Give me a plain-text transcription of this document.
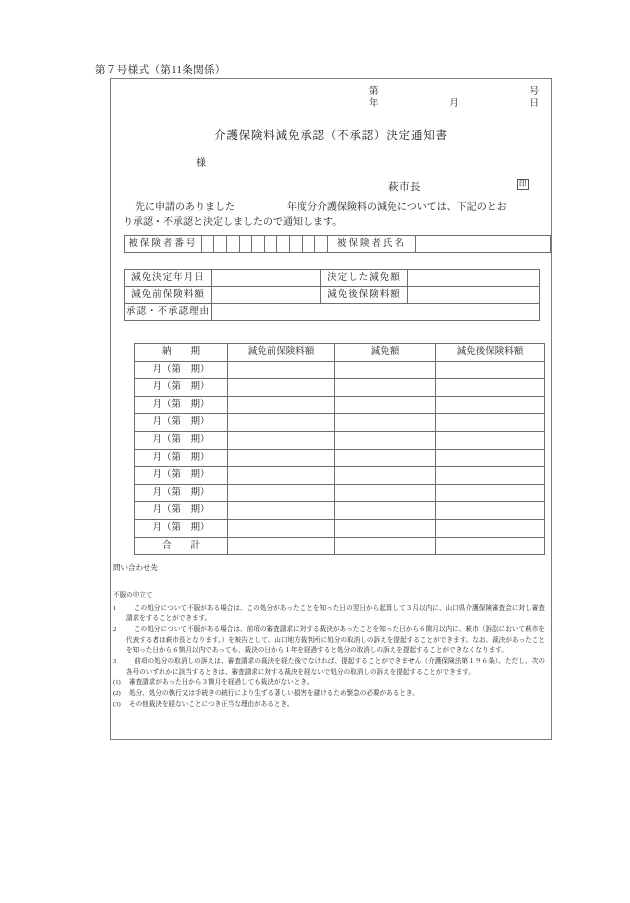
第７号様式（第11条関係）
第	号
年	月	日
介護保険料減免承認（不承認）決定通知書
様
萩市長	印
先に申請のありました	年度分介護保険料の減免については、下記のとお
り承認・不承認と決定しましたので通知します。
被保険者番号											被保険者氏名	
減免決定年月日		決定した減免額	
減免前保険料額		減免後保険料額	
承認・不承認理由			
納　　期	減免前保険料額	減免額	減免後保険料額
月（第　期）			
月（第　期）			
月（第　期）			
月（第　期）			
月（第　期）			
月（第　期）			
月（第　期）			
月（第　期）			
月（第　期）			
月（第　期）			
合　　計			
問い合わせ先
不服の申立て
1	この処分について不服がある場合は、この処分があったことを知った日の翌日から起算して３月以内に、山口県介護保険審査会に対し審査請求をすることができます。
2	この処分について不服がある場合は、前項の審査請求に対する裁決があったことを知った日から６箇月以内に、萩市（訴訟において萩市を代表する者は萩市長となります。）を被告として、山口地方裁判所に処分の取消しの訴えを提起することができます。なお、裁決があったことを知った日から６箇月以内であっても、裁決の日から１年を経過すると処分の取消しの訴えを提起することができなくなります。
3	前項の処分の取消しの訴えは、審査請求の裁決を経た後でなければ、提起することができません（介護保険法第１９６条）。ただし、次の各号のいずれかに該当するときは、審査請求に対する裁決を経ないで処分の取消しの訴えを提起することができます。
(1)	審査請求があった日から３箇月を経過しても裁決がないとき。
(2)	処分、処分の執行又は手続きの続行により生ずる著しい損害を避けるため緊急の必要があるとき。
(3)	その他裁決を経ないことにつき正当な理由があるとき。
